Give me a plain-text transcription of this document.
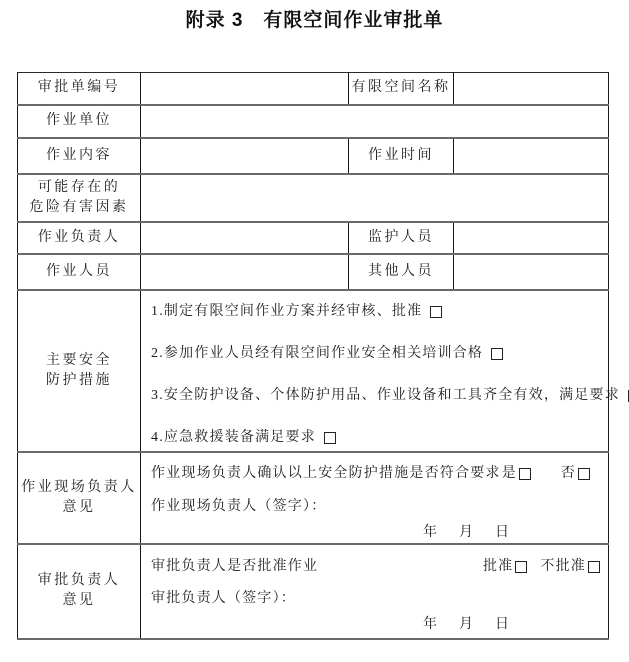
附录 3　有限空间作业审批单
审批单编号		有限空间名称	
作业单位			
作业内容		作业时间	

可能存在的
危险有害因素			

作业负责人		监护人员	
作业人员		其他人员	

主要安全
防护措施

1.制定有限空间作业方案并经审核、批准
2.参加作业人员经有限空间作业安全相关培训合格
3.安全防护设备、个体防护用品、作业设备和工具齐全有效，满足要求
4.应急救援装备满足要求

作业现场负责人
意见

作业现场负责人确认以上安全防护措施是否符合要求 是	否
作业现场负责人（签字）：
年　月　日

审批负责人
意见

审批负责人是否批准作业	批准 不批准
审批负责人（签字）：
年　月　日
